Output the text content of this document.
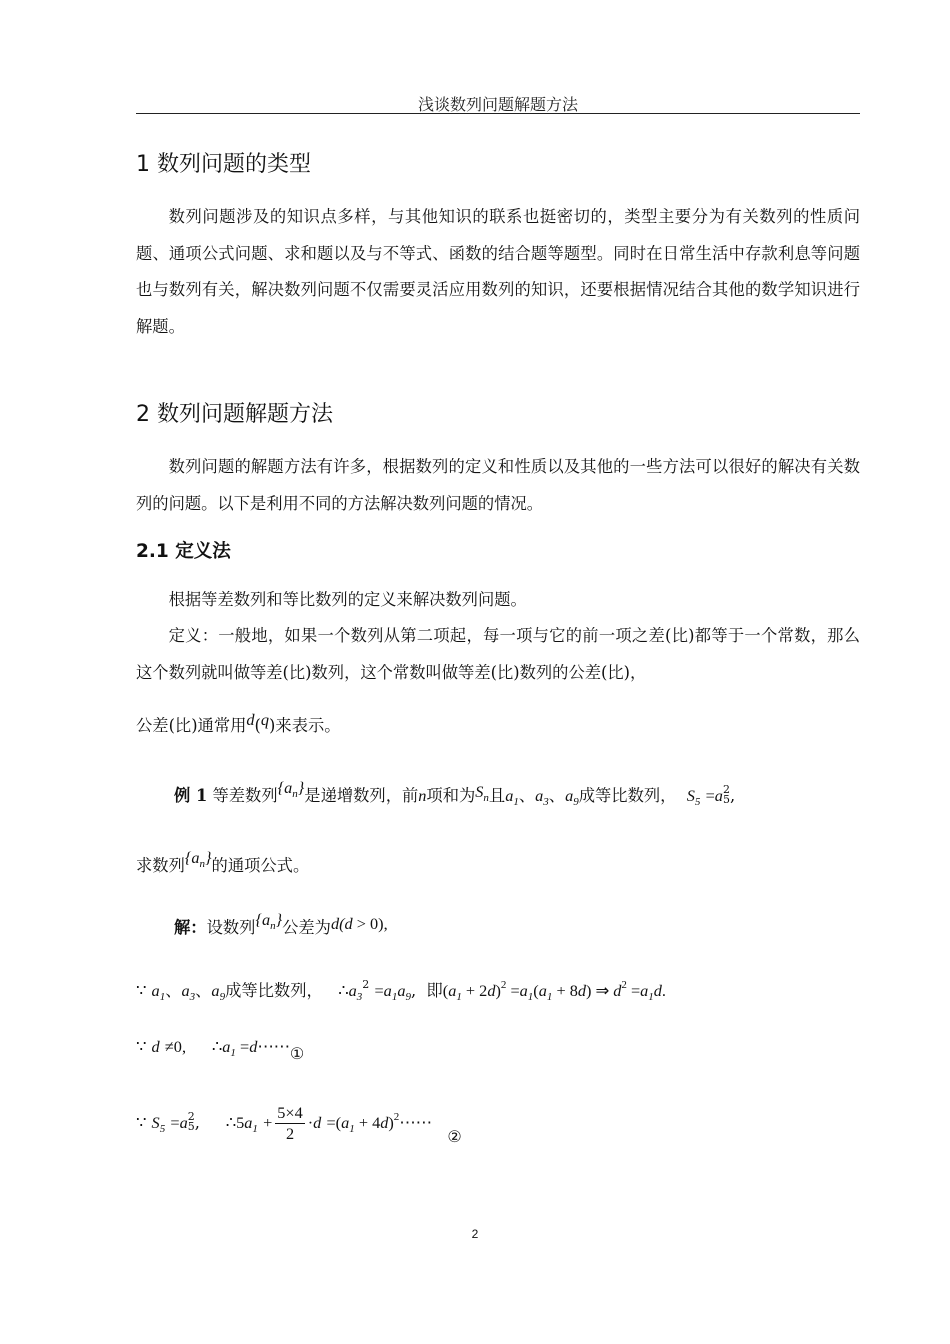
浅谈数列问题解题方法
1 数列问题的类型

数列问题涉及的知识点多样，与其他知识的联系也挺密切的，类型主要分为有关数列的性质问题、通项公式问题、求和题以及与不等式、函数的结合题等题型。同时在日常生活中存款利息等问题也与数列有关，解决数列问题不仅需要灵活应用数列的知识，还要根据情况结合其他的数学知识进行解题。

2 数列问题解题方法

数列问题的解题方法有许多，根据数列的定义和性质以及其他的一些方法可以很好的解决有关数列的问题。以下是利用不同的方法解决数列问题的情况。

2.1 定义法

根据等差数列和等比数列的定义来解决数列问题。

定义：一般地，如果一个数列从第二项起，每一项与它的前一项之差(比)都等于一个常数，那么这个数列就叫做等差(比)数列，这个常数叫做等差(比)数列的公差(比)，

公差(比)通常用d(q)来表示。
例 1 等差数列$\{a_n\}$是递增数列，前n项和为$S_n$且$a_1$、$a_3$、$a_9$成等比数列， $S_5 =a$ 2
5 ,
求数列$\{a_n\}$的通项公式。
解：设数列$\{a_n\}$公差为d(d > 0),
∵ $a_1$、$a_3$、$a_9$成等比数列， $\therefore a_3^2 =a_1a_9$,  即$(a_1 + 2d)^2 =a_1(a_1 + 8d)$ ⇒ $d^2 =a_1d$.
∵ d ≠0, $\therefore a_1$ =d⋯⋯①
∵ $S_5 =a$ 2
5 ,     $\therefore 5a_1 + \frac{5\times 4}{2} \cdot d =(a_1$ + $4d)^2\cdots\cdots$   ②
2
